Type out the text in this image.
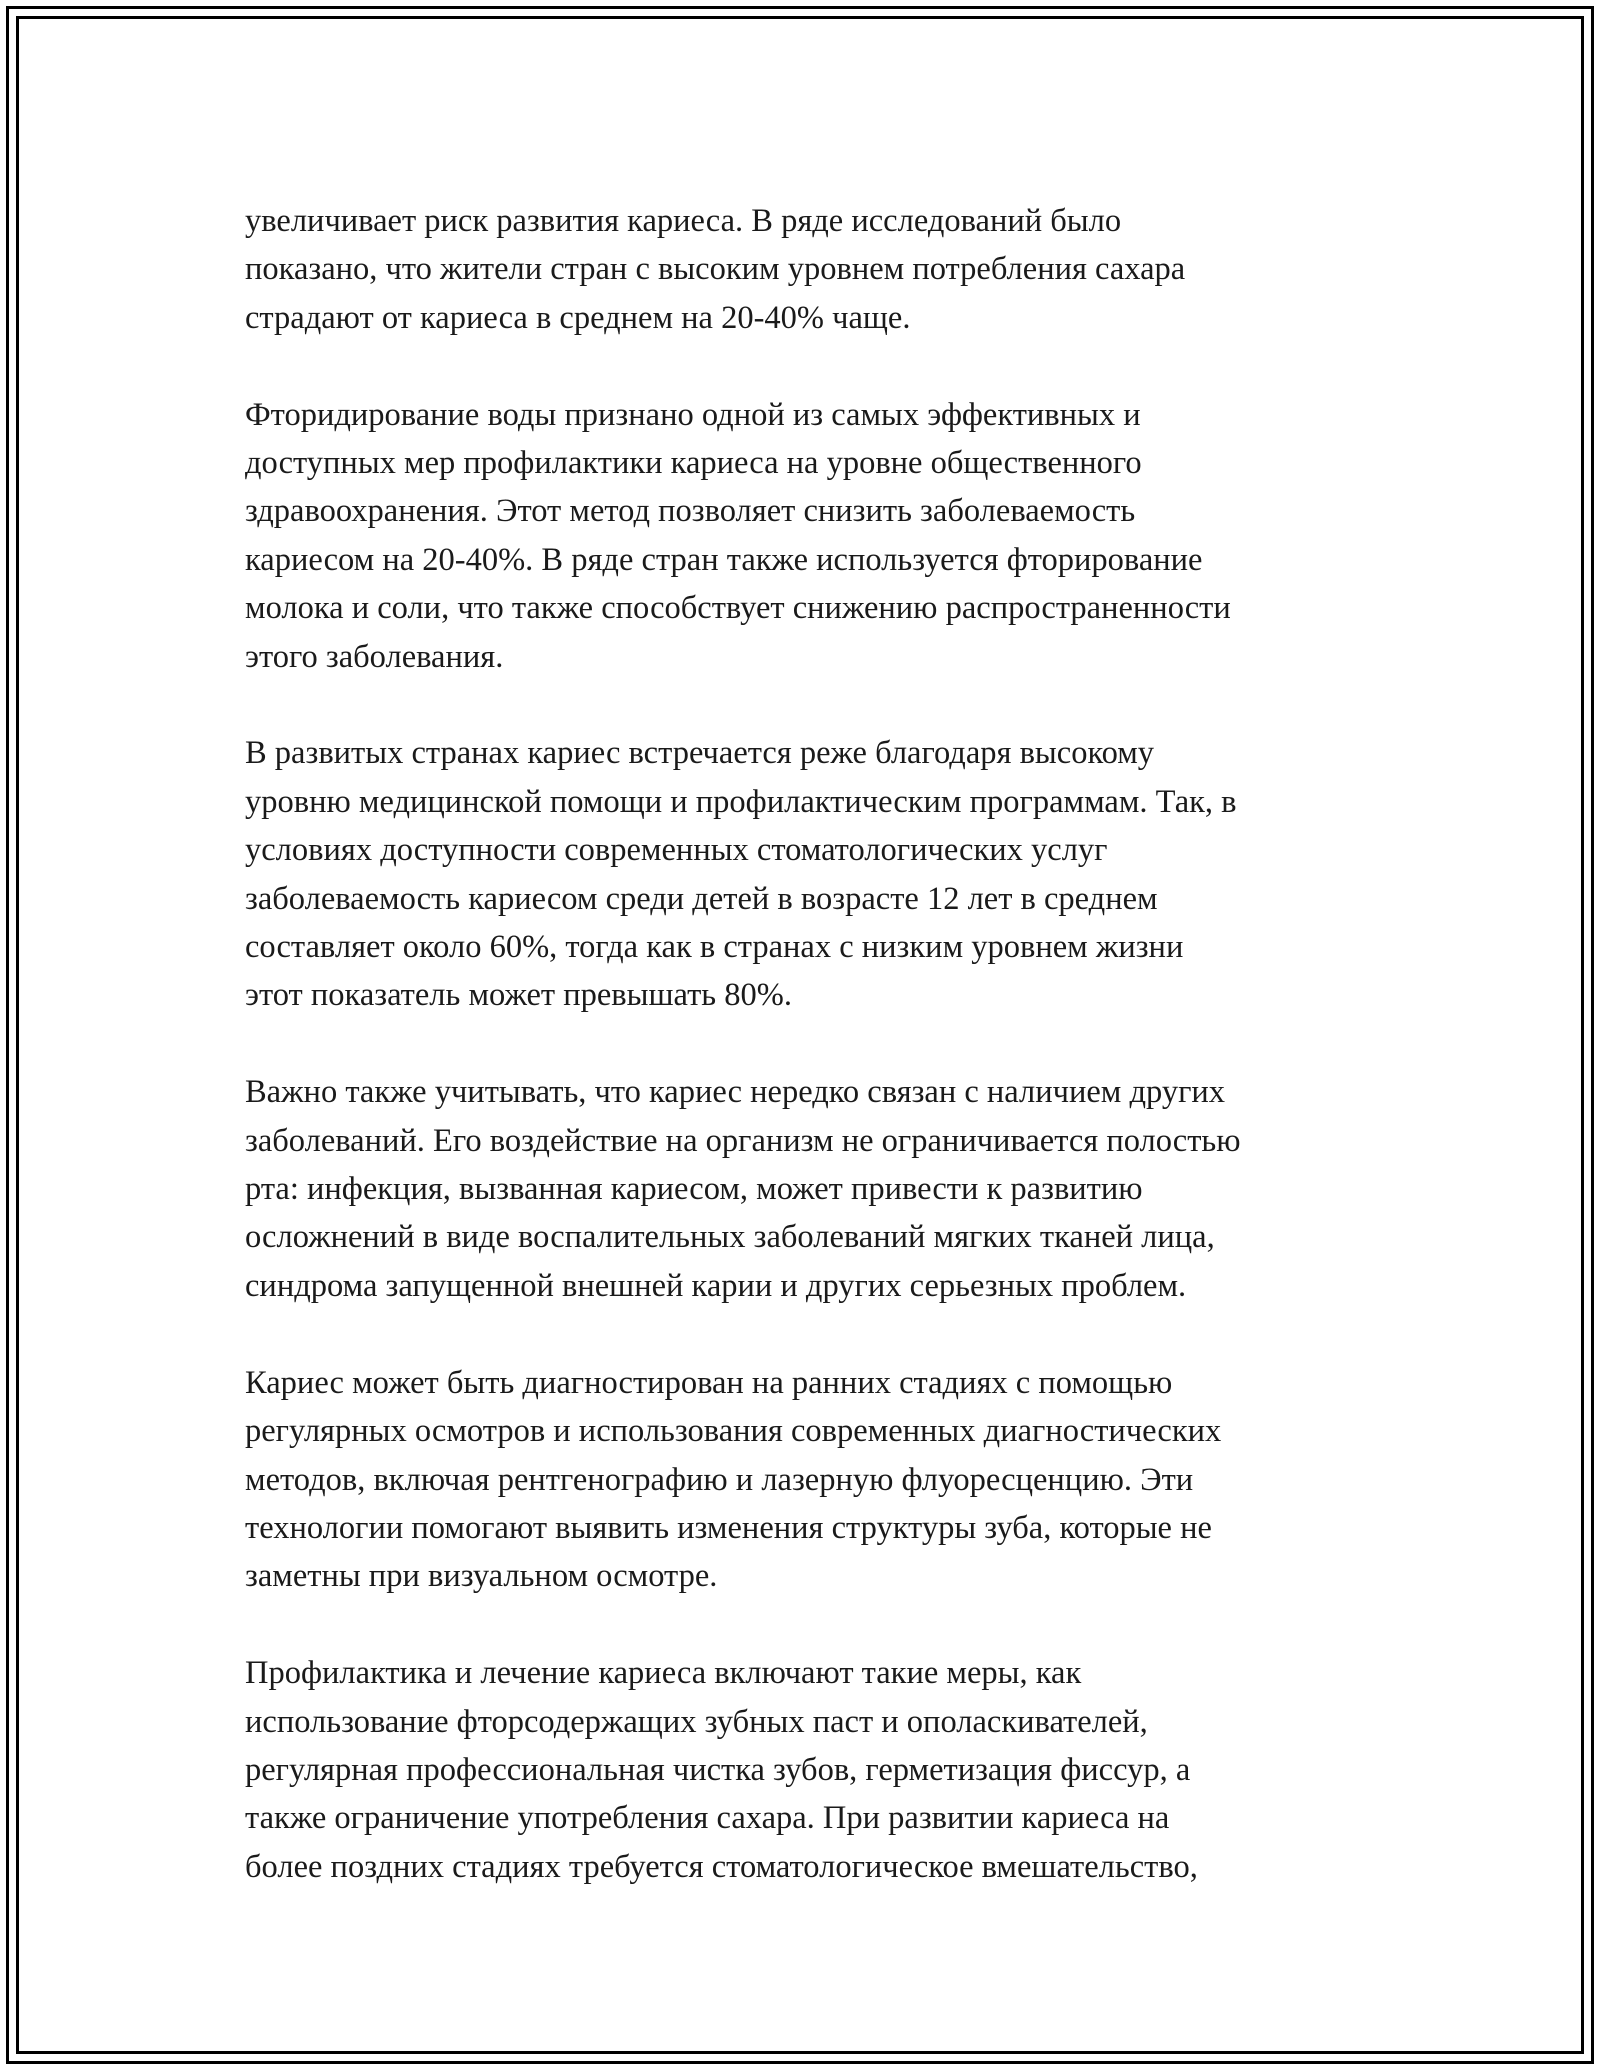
увеличивает риск развития кариеса. В ряде исследований было
показано, что жители стран с высоким уровнем потребления сахара
страдают от кариеса в среднем на 20-40% чаще.

Фторидирование воды признано одной из самых эффективных и
доступных мер профилактики кариеса на уровне общественного
здравоохранения. Этот метод позволяет снизить заболеваемость
кариесом на 20-40%. В ряде стран также используется фторирование
молока и соли, что также способствует снижению распространенности
этого заболевания.

В развитых странах кариес встречается реже благодаря высокому
уровню медицинской помощи и профилактическим программам. Так, в
условиях доступности современных стоматологических услуг
заболеваемость кариесом среди детей в возрасте 12 лет в среднем
составляет около 60%, тогда как в странах с низким уровнем жизни
этот показатель может превышать 80%.

Важно также учитывать, что кариес нередко связан с наличием других
заболеваний. Его воздействие на организм не ограничивается полостью
рта: инфекция, вызванная кариесом, может привести к развитию
осложнений в виде воспалительных заболеваний мягких тканей лица,
синдрома запущенной внешней карии и других серьезных проблем.

Кариес может быть диагностирован на ранних стадиях с помощью
регулярных осмотров и использования современных диагностических
методов, включая рентгенографию и лазерную флуоресценцию. Эти
технологии помогают выявить изменения структуры зуба, которые не
заметны при визуальном осмотре.

Профилактика и лечение кариеса включают такие меры, как
использование фторсодержащих зубных паст и ополаскивателей,
регулярная профессиональная чистка зубов, герметизация фиссур, а
также ограничение употребления сахара. При развитии кариеса на
более поздних стадиях требуется стоматологическое вмешательство,
